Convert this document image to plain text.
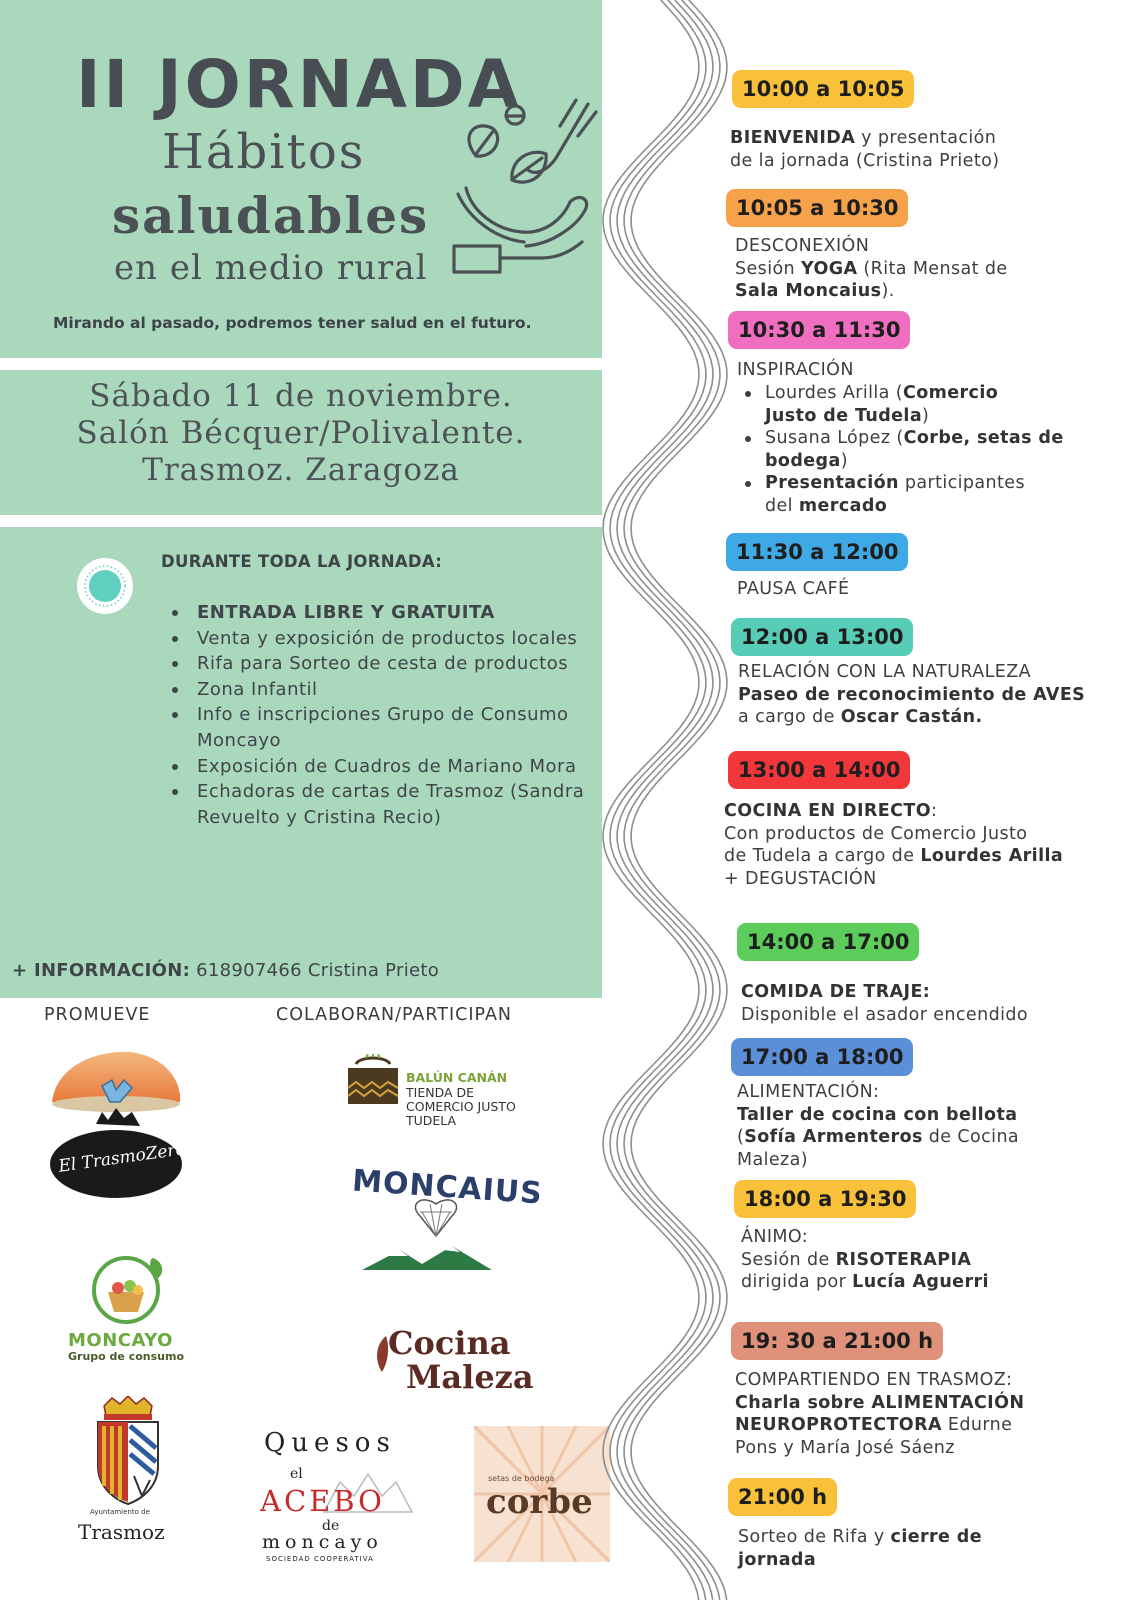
II JORNADA
Hábitos
saludables
en el medio rural
Mirando al pasado, podremos tener salud en el futuro.
Sábado 11 de noviembre.
Salón Bécquer/Polivalente.
Trasmoz. Zaragoza
DURANTE TODA LA JORNADA:
ENTRADA LIBRE Y GRATUITA
Venta y exposición de productos locales
Rifa para Sorteo de cesta de productos
Zona Infantil
Info e inscripciones Grupo de Consumo Moncayo
Exposición de Cuadros de Mariano Mora
Echadoras de cartas de Trasmoz (Sandra Revuelto y Cristina Recio)
+ INFORMACIÓN: 618907466 Cristina Prieto
PROMUEVE	COLABORAN/PARTICIPAN
El TrasmoZero
MONCAYO
Grupo de consumo
Ayuntamiento de
Trasmoz
BALÚN CANÁN
TIENDA DE
COMERCIO JUSTO
TUDELA
MONCAIUS
Cocina
Maleza
Quesos
el
ACEBO
de
moncayo
SOCIEDAD COOPERATIVA
setas de bodega
corbe
10:00 a 10:05
BIENVENIDA y presentación
de la jornada (Cristina Prieto)
10:05 a 10:30
DESCONEXIÓN
Sesión YOGA (Rita Mensat de
Sala Moncaius).
10:30 a 11:30
INSPIRACIÓN
Lourdes Arilla (Comercio
Justo de Tudela)
Susana López (Corbe, setas de
bodega)
Presentación participantes
del mercado
11:30 a 12:00
PAUSA CAFÉ
12:00 a 13:00
RELACIÓN CON LA NATURALEZA
Paseo de reconocimiento de AVES
a cargo de Oscar Castán.
13:00 a 14:00
COCINA EN DIRECTO:
Con productos de Comercio Justo
de Tudela a cargo de Lourdes Arilla
+ DEGUSTACIÓN
14:00 a 17:00
COMIDA DE TRAJE:
Disponible el asador encendido
17:00 a 18:00
ALIMENTACIÓN:
Taller de cocina con bellota
(Sofía Armenteros de Cocina
Maleza)
18:00 a 19:30
ÁNIMO:
Sesión de RISOTERAPIA
dirigida por Lucía Aguerri
19: 30 a 21:00 h
COMPARTIENDO EN TRASMOZ:
Charla sobre ALIMENTACIÓN
NEUROPROTECTORA Edurne
Pons y María José Sáenz
21:00 h
Sorteo de Rifa y cierre de
jornada
